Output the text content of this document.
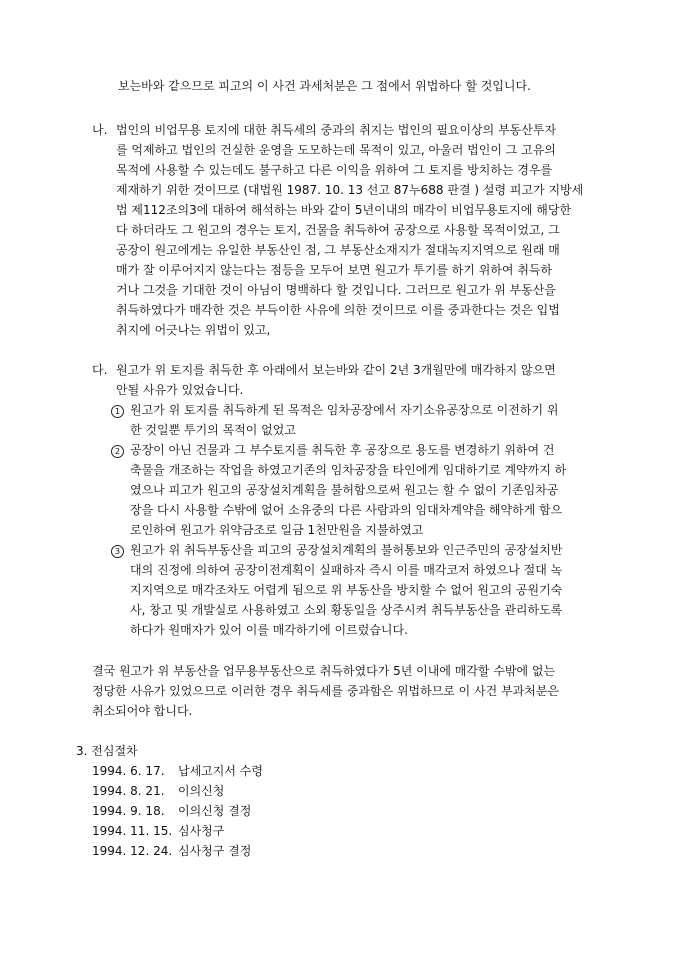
보는바와 같으므로 피고의 이 사건 과세처분은 그 점에서 위법하다 할 것입니다.
나. 법인의 비업무용 토지에 대한 취득세의 중과의 취지는 법인의 필요이상의 부동산투자
를 억제하고 법인의 건실한 운영을 도모하는데 목적이 있고, 아울러 법인이 그 고유의
목적에 사용할 수 있는데도 불구하고 다른 이익을 위하여 그 토지를 방치하는 경우를
제재하기 위한 것이므로 (대법원 1987. 10. 13 선고 87누688 판결 ) 설령 피고가 지방세
법 제112조의3에 대하여 해석하는 바와 같이 5년이내의 매각이 비업무용토지에 해당한
다 하더라도 그 원고의 경우는 토지, 건물을 취득하여 공장으로 사용할 목적이었고, 그
공장이 원고에게는 유일한 부동산인 점, 그 부동산소재지가 절대녹지지역으로 원래 매
매가 잘 이루어지지 않는다는 점등을 모두어 보면 원고가 투기를 하기 위하여 취득하
거나 그것을 기대한 것이 아님이 명백하다 할 것입니다. 그러므로 원고가 위 부동산을
취득하였다가 매각한 것은 부득이한 사유에 의한 것이므로 이를 중과한다는 것은 입법
취지에 어긋나는 위법이 있고,
다. 원고가 위 토지를 취득한 후 아래에서 보는바와 같이 2년 3개월만에 매각하지 않으면
안될 사유가 있었습니다.
1 원고가 위 토지를 취득하게 된 목적은 임차공장에서 자기소유공장으로 이전하기 위
한 것일뿐 투기의 목적이 없었고
2 공장이 아닌 건물과 그 부수토지를 취득한 후 공장으로 용도를 변경하기 위하여 건
축물을 개조하는 작업을 하였고기존의 임차공장을 타인에게 임대하기로 계약까지 하
였으나 피고가 원고의 공장설치계획을 불허함으로써 원고는 할 수 없이 기존임차공
장을 다시 사용할 수밖에 없어 소유중의 다른 사람과의 임대차계약을 해약하게 함으
로인하여 원고가 위약금조로 일금 1천만원을 지불하였고
3 원고가 위 취득부동산을 피고의 공장설치계획의 불허통보와 인근주민의 공장설치반
대의 진정에 의하여 공장이전계획이 실패하자 즉시 이를 매각코저 하였으나 절대 녹
지지역으로 매각조차도 어렵게 됨으로 위 부동산을 방치할 수 없어 원고의 공원기숙
사, 창고 및 개발실로 사용하였고 소외 황동일을 상주시켜 취득부동산을 관리하도록
하다가 원매자가 있어 이를 매각하기에 이르렀습니다.
결국 원고가 위 부동산을 업무용부동산으로 취득하였다가 5년 이내에 매각할 수밖에 없는
정당한 사유가 있었으므로 이러한 경우 취득세를 중과함은 위법하므로 이 사건 부과처분은
취소되어야 합니다.
3. 전심절차
1994. 6. 17. 납세고지서 수령
1994. 8. 21. 이의신청
1994. 9. 18. 이의신청 결정
1994. 11. 15. 심사청구
1994. 12. 24. 심사청구 결정
